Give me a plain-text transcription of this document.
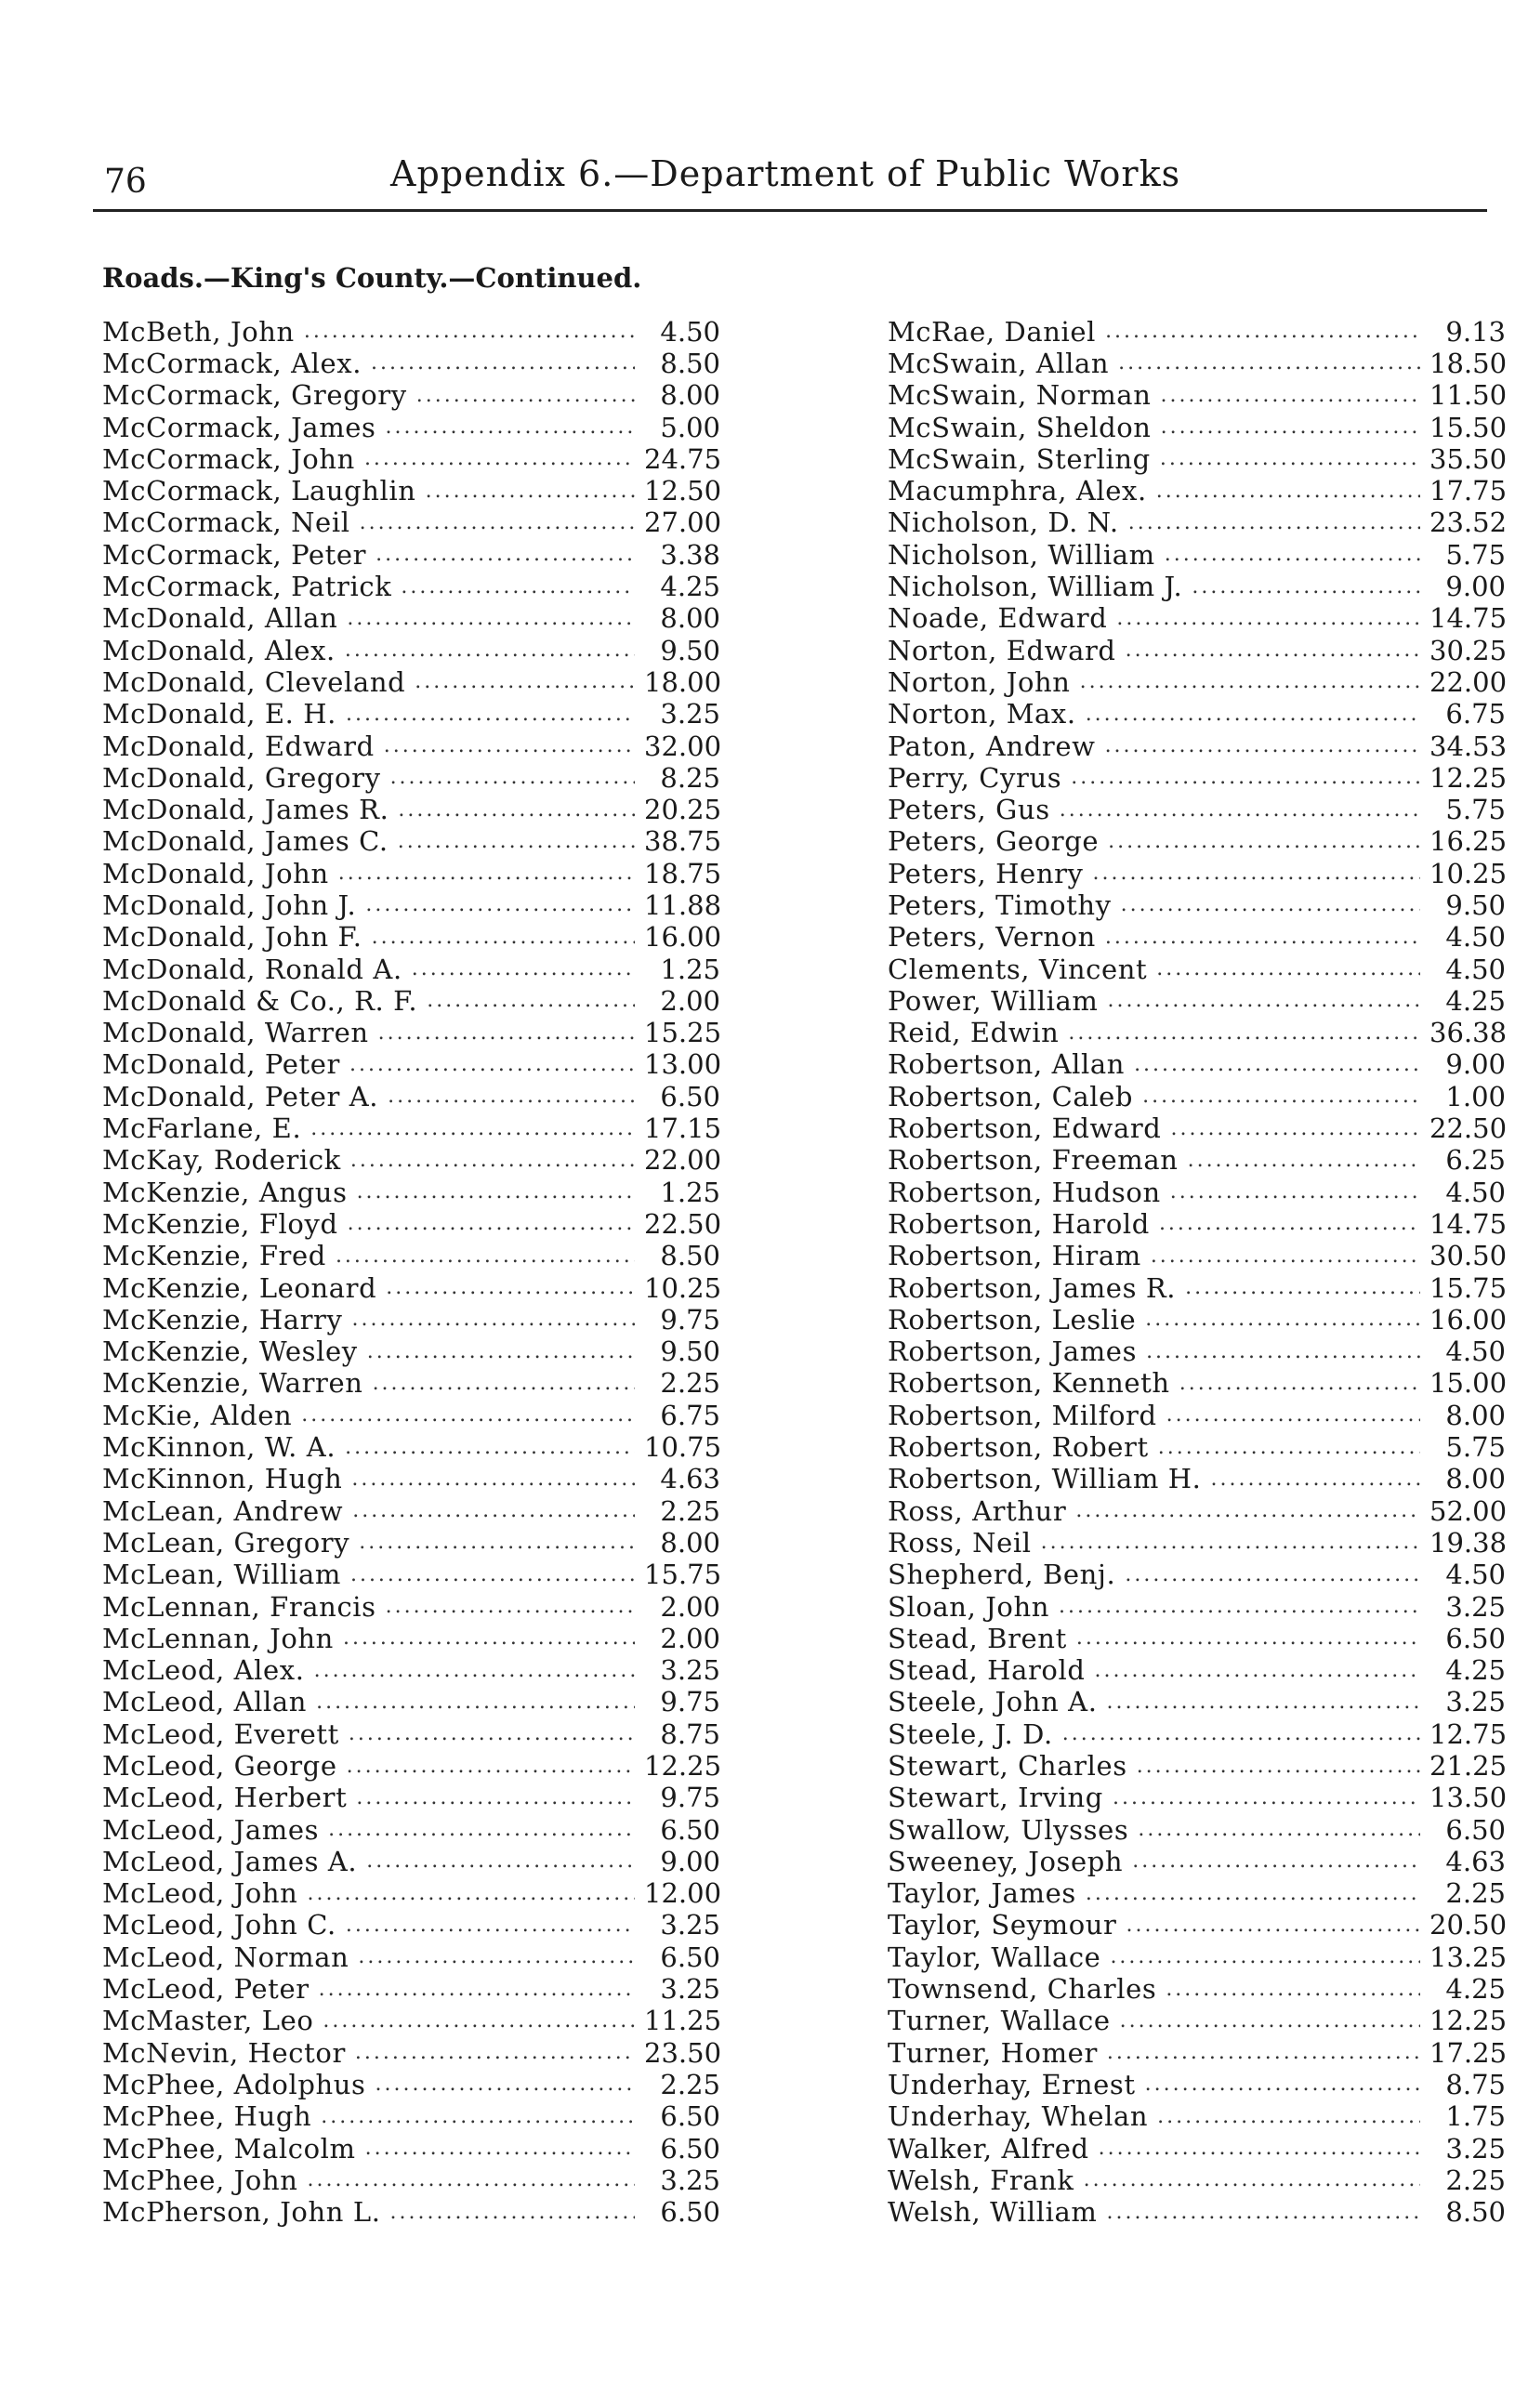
76	Appendix 6.—Department of Public Works
Roads.—King's County.—Continued.
McBeth, John .....	4.50
McCormack, Alex. .....	8.50
McCormack, Gregory .....	8.00
McCormack, James .....	5.00
McCormack, John .....	24.75
McCormack, Laughlin .....	12.50
McCormack, Neil .....	27.00
McCormack, Peter .....	3.38
McCormack, Patrick .....	4.25
McDonald, Allan .....	8.00
McDonald, Alex. .....	9.50
McDonald, Cleveland .....	18.00
McDonald, E. H. .....	3.25
McDonald, Edward .....	32.00
McDonald, Gregory .....	8.25
McDonald, James R. .....	20.25
McDonald, James C. .....	38.75
McDonald, John .....	18.75
McDonald, John J. .....	11.88
McDonald, John F. .....	16.00
McDonald, Ronald A. .....	1.25
McDonald & Co., R. F. .....	2.00
McDonald, Warren .....	15.25
McDonald, Peter .....	13.00
McDonald, Peter A. .....	6.50
McFarlane, E. .....	17.15
McKay, Roderick .....	22.00
McKenzie, Angus .....	1.25
McKenzie, Floyd .....	22.50
McKenzie, Fred .....	8.50
McKenzie, Leonard .....	10.25
McKenzie, Harry .....	9.75
McKenzie, Wesley .....	9.50
McKenzie, Warren .....	2.25
McKie, Alden .....	6.75
McKinnon, W. A. .....	10.75
McKinnon, Hugh .....	4.63
McLean, Andrew .....	2.25
McLean, Gregory .....	8.00
McLean, William .....	15.75
McLennan, Francis .....	2.00
McLennan, John .....	2.00
McLeod, Alex. .....	3.25
McLeod, Allan .....	9.75
McLeod, Everett .....	8.75
McLeod, George .....	12.25
McLeod, Herbert .....	9.75
McLeod, James .....	6.50
McLeod, James A. .....	9.00
McLeod, John .....	12.00
McLeod, John C. .....	3.25
McLeod, Norman .....	6.50
McLeod, Peter .....	3.25
McMaster, Leo .....	11.25
McNevin, Hector .....	23.50
McPhee, Adolphus .....	2.25
McPhee, Hugh .....	6.50
McPhee, Malcolm .....	6.50
McPhee, John .....	3.25
McPherson, John L. .....	6.50
McRae, Daniel .....	9.13
McSwain, Allan .....	18.50
McSwain, Norman .....	11.50
McSwain, Sheldon .....	15.50
McSwain, Sterling .....	35.50
Macumphra, Alex. .....	17.75
Nicholson, D. N. .....	23.52
Nicholson, William .....	5.75
Nicholson, William J. .....	9.00
Noade, Edward .....	14.75
Norton, Edward .....	30.25
Norton, John .....	22.00
Norton, Max. .....	6.75
Paton, Andrew .....	34.53
Perry, Cyrus .....	12.25
Peters, Gus .....	5.75
Peters, George .....	16.25
Peters, Henry .....	10.25
Peters, Timothy .....	9.50
Peters, Vernon .....	4.50
Clements, Vincent .....	4.50
Power, William .....	4.25
Reid, Edwin .....	36.38
Robertson, Allan .....	9.00
Robertson, Caleb .....	1.00
Robertson, Edward .....	22.50
Robertson, Freeman .....	6.25
Robertson, Hudson .....	4.50
Robertson, Harold .....	14.75
Robertson, Hiram .....	30.50
Robertson, James R. .....	15.75
Robertson, Leslie .....	16.00
Robertson, James .....	4.50
Robertson, Kenneth .....	15.00
Robertson, Milford .....	8.00
Robertson, Robert .....	5.75
Robertson, William H. .....	8.00
Ross, Arthur .....	52.00
Ross, Neil .....	19.38
Shepherd, Benj. .....	4.50
Sloan, John .....	3.25
Stead, Brent .....	6.50
Stead, Harold .....	4.25
Steele, John A. .....	3.25
Steele, J. D. .....	12.75
Stewart, Charles .....	21.25
Stewart, Irving .....	13.50
Swallow, Ulysses .....	6.50
Sweeney, Joseph .....	4.63
Taylor, James .....	2.25
Taylor, Seymour .....	20.50
Taylor, Wallace .....	13.25
Townsend, Charles .....	4.25
Turner, Wallace .....	12.25
Turner, Homer .....	17.25
Underhay, Ernest .....	8.75
Underhay, Whelan .....	1.75
Walker, Alfred .....	3.25
Welsh, Frank .....	2.25
Welsh, William .....	8.50
